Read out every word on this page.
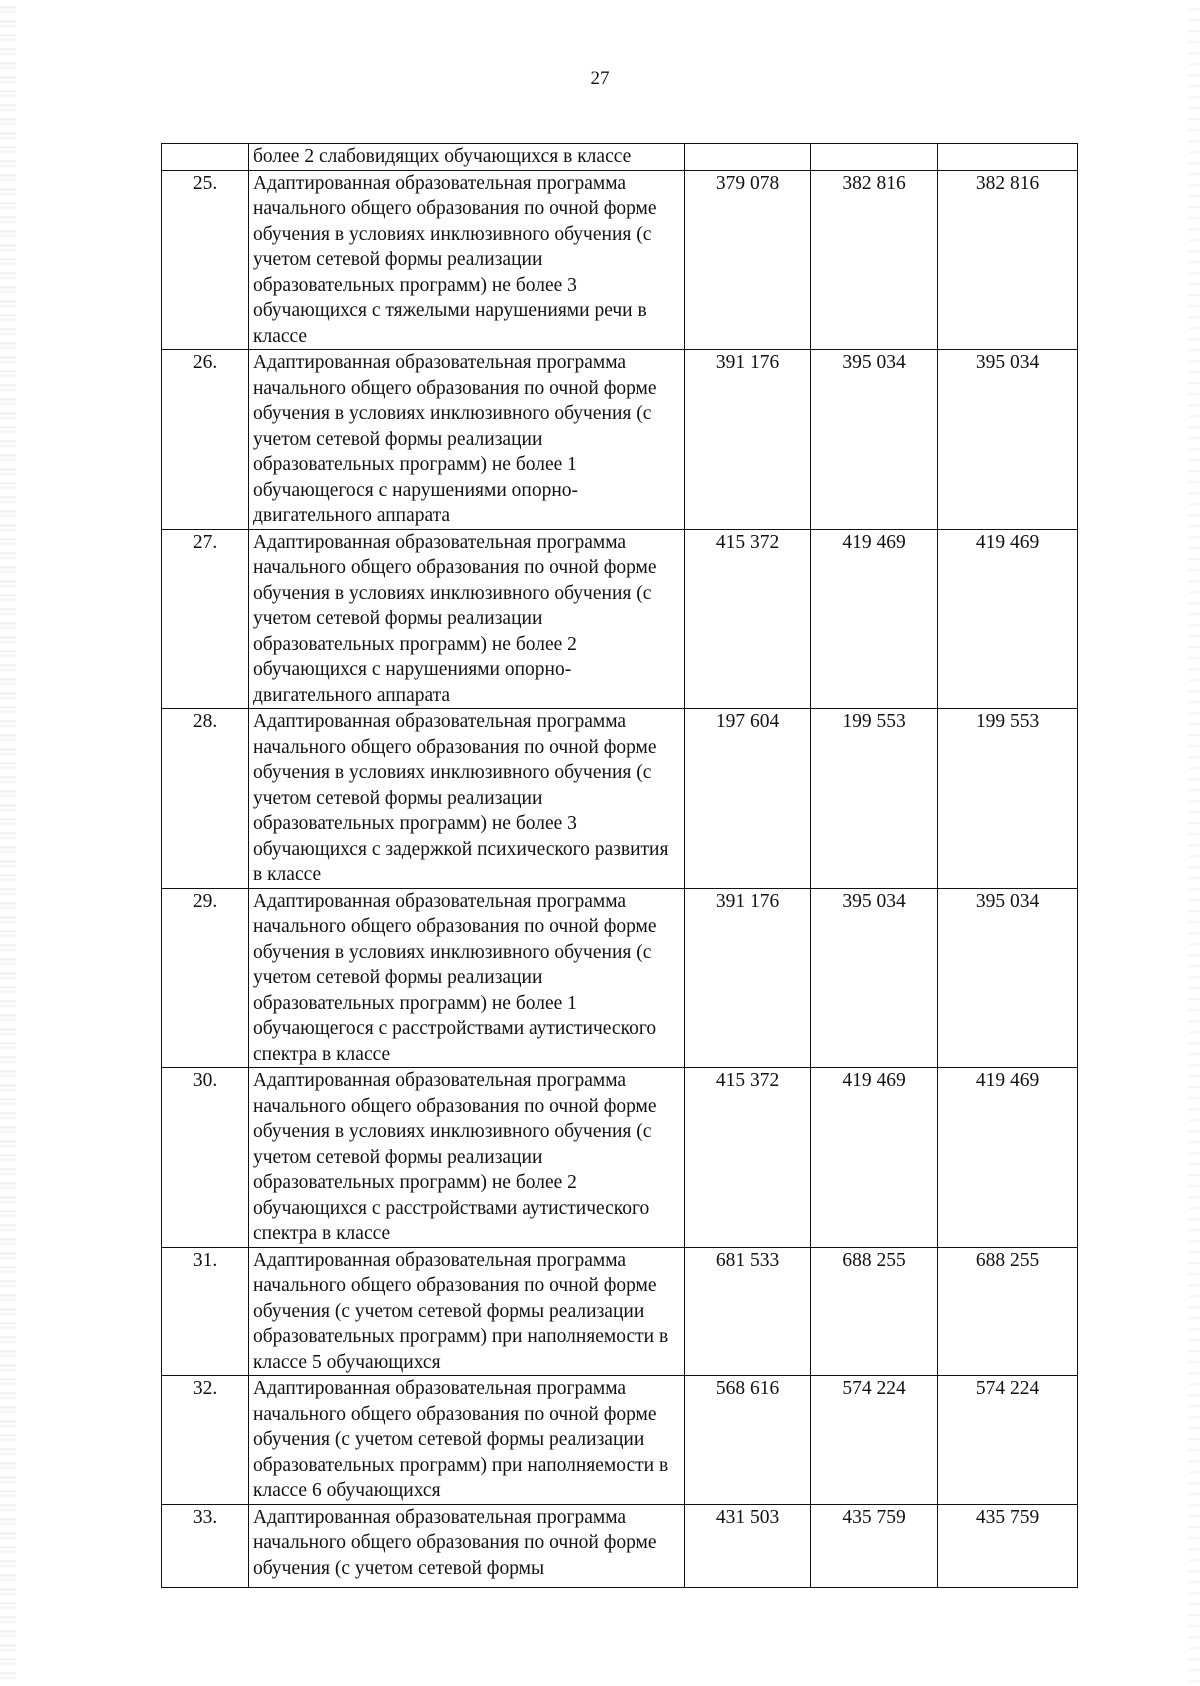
27
	более 2 слабовидящих обучающихся в классе			
25.	Адаптированная образовательная программа начального общего образования по очной форме обучения в условиях инклюзивного обучения (с учетом сетевой формы реализации образовательных программ) не более 3 обучающихся с тяжелыми нарушениями речи в классе	379 078	382 816	382 816
26.	Адаптированная образовательная программа начального общего образования по очной форме обучения в условиях инклюзивного обучения (с учетом сетевой формы реализации образовательных программ) не более 1 обучающегося с нарушениями опорно-двигательного аппарата	391 176	395 034	395 034
27.	Адаптированная образовательная программа начального общего образования по очной форме обучения в условиях инклюзивного обучения (с учетом сетевой формы реализации образовательных программ) не более 2 обучающихся с нарушениями опорно-двигательного аппарата	415 372	419 469	419 469
28.	Адаптированная образовательная программа начального общего образования по очной форме обучения в условиях инклюзивного обучения (с учетом сетевой формы реализации образовательных программ) не более 3 обучающихся с задержкой психического развития в классе	197 604	199 553	199 553
29.	Адаптированная образовательная программа начального общего образования по очной форме обучения в условиях инклюзивного обучения (с учетом сетевой формы реализации образовательных программ) не более 1 обучающегося с расстройствами аутистического спектра в классе	391 176	395 034	395 034
30.	Адаптированная образовательная программа начального общего образования по очной форме обучения в условиях инклюзивного обучения (с учетом сетевой формы реализации образовательных программ) не более 2 обучающихся с расстройствами аутистического спектра в классе	415 372	419 469	419 469
31.	Адаптированная образовательная программа начального общего образования по очной форме обучения (с учетом сетевой формы реализации образовательных программ) при наполняемости в классе 5 обучающихся	681 533	688 255	688 255
32.	Адаптированная образовательная программа начального общего образования по очной форме обучения (с учетом сетевой формы реализации образовательных программ) при наполняемости в классе 6 обучающихся	568 616	574 224	574 224
33.	Адаптированная образовательная программа начального общего образования по очной форме обучения (с учетом сетевой формы	431 503	435 759	435 759
